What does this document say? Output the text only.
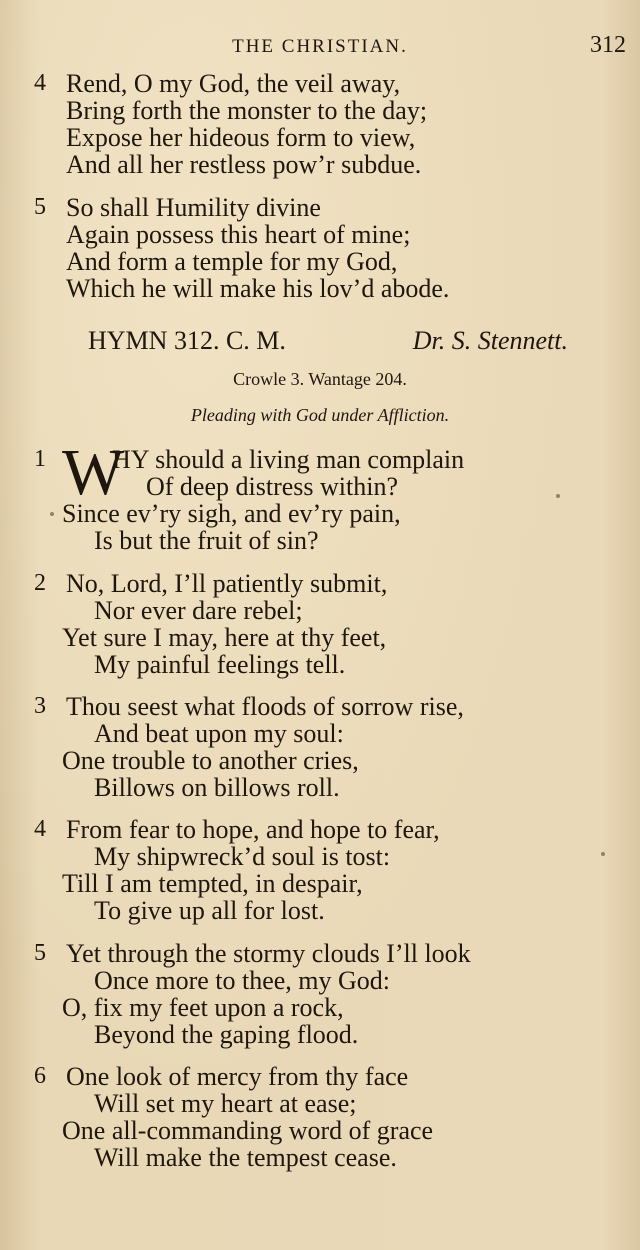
THE CHRISTIAN.	312
4 Rend, O my God, the veil away,
Bring forth the monster to the day;
Expose her hideous form to view,
And all her restless pow’r subdue.
5 So shall Humility divine
Again possess this heart of mine;
And form a temple for my God,
Which he will make his lov’d abode.
HYMN 312. C. M.	Dr. S. Stennett.
Crowle 3. Wantage 204.
Pleading with God under Affliction.
1 W
HY should a living man complain
Of deep distress within?
Since ev’ry sigh, and ev’ry pain,
Is but the fruit of sin?
2 No, Lord, I’ll patiently submit,
Nor ever dare rebel;
Yet sure I may, here at thy feet,
My painful feelings tell.
3 Thou seest what floods of sorrow rise,
And beat upon my soul:
One trouble to another cries,
Billows on billows roll.
4 From fear to hope, and hope to fear,
My shipwreck’d soul is tost:
Till I am tempted, in despair,
To give up all for lost.
5 Yet through the stormy clouds I’ll look
Once more to thee, my God:
O, fix my feet upon a rock,
Beyond the gaping flood.
6 One look of mercy from thy face
Will set my heart at ease;
One all-commanding word of grace
Will make the tempest cease.
